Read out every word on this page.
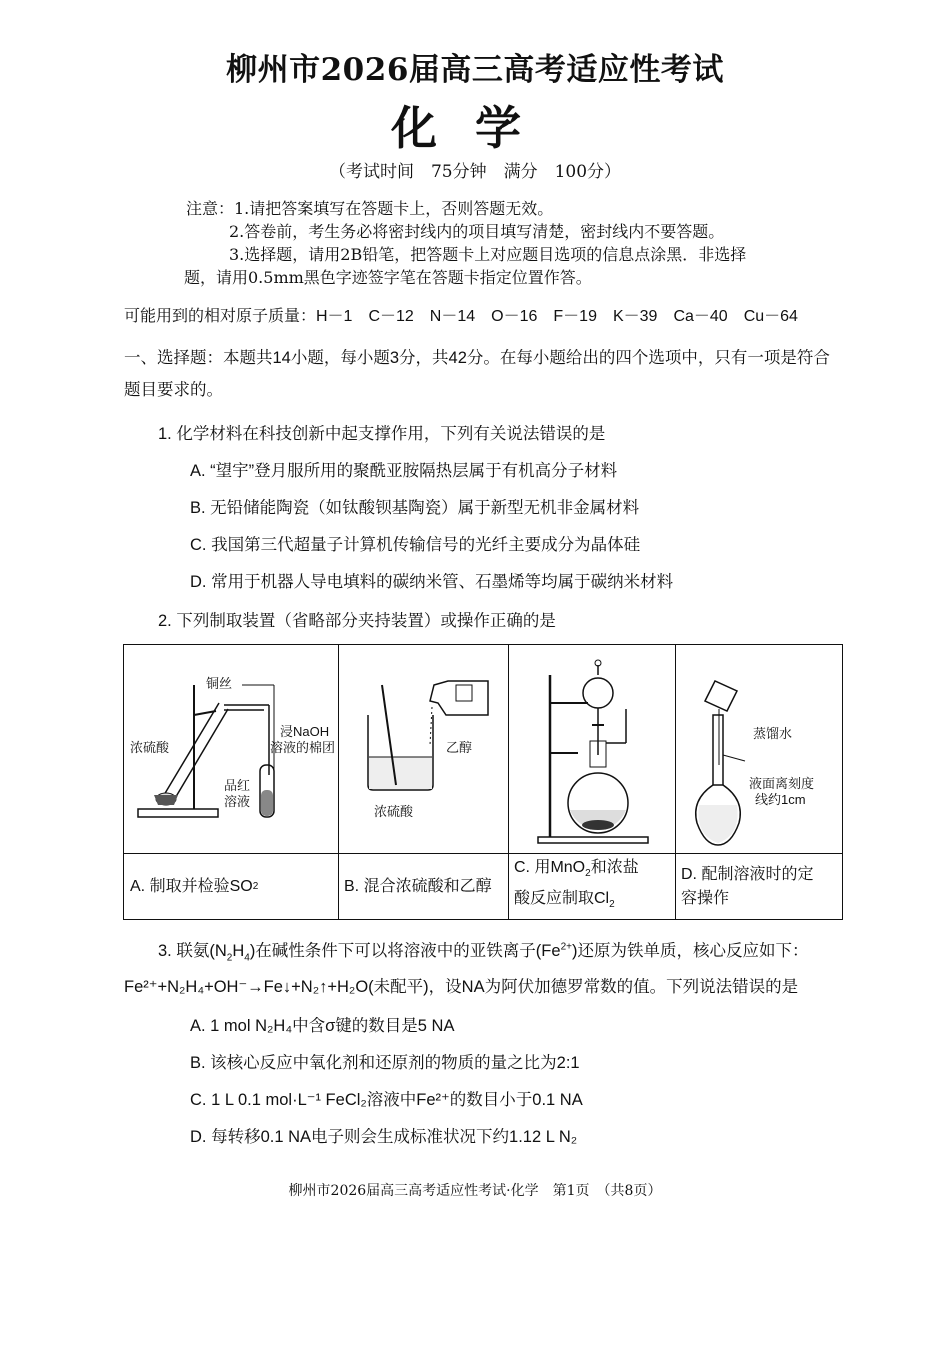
柳州市2026届高三高考适应性考试
化学
（考试时间　75分钟　满分　100分）
注意：1.请把答案填写在答题卡上，否则答题无效。
2.答卷前，考生务必将密封线内的项目填写清楚，密封线内不要答题。
3.选择题，请用2B铅笔，把答题卡上对应题目选项的信息点涂黑．非选择
题，请用0.5mm黑色字迹签字笔在答题卡指定位置作答。
可能用到的相对原子质量：H－1　C－12　N－14　O－16　F－19　K－39　Ca－40　Cu－64
一、选择题：本题共14小题，每小题3分，共42分。在每小题给出的四个选项中，只有一项是符合题目要求的。
1. 化学材料在科技创新中起支撑作用，下列有关说法错误的是
A. “望宇”登月服所用的聚酰亚胺隔热层属于有机高分子材料
B. 无铅储能陶瓷（如钛酸钡基陶瓷）属于新型无机非金属材料
C. 我国第三代超量子计算机传输信号的光纤主要成分为晶体硅
D. 常用于机器人导电填料的碳纳米管、石墨烯等均属于碳纳米材料
2. 下列制取装置（省略部分夹持装置）或操作正确的是
铜丝
浓硫酸
浸NaOH
溶液的棉团
品红
溶液
A. 制取并检验SO 2
乙醇
浓硫酸
B. 混合浓硫酸和乙醇
C. 用MnO$_2$和浓盐
酸反应制取$Cl_2$
蒸馏水
液面离刻度
线约1cm
D. 配制溶液时的定
容操作
3. 联氨$(N_2H_4)$在碱性条件下可以将溶液中的亚铁离子$(Fe^{2+})$还原为铁单质，核心反应如下：
Fe²⁺+N₂H₄+OH⁻→Fe↓+N₂↑+H₂O(未配平)，设NA为阿伏加德罗常数的值。下列说法错误的是
A. 1 mol N₂H₄中含σ键的数目是5 NA
B. 该核心反应中氧化剂和还原剂的物质的量之比为2:1
C. 1 L 0.1 mol·L⁻¹ FeCl₂溶液中Fe²⁺的数目小于0.1 NA
D. 每转移0.1 NA电子则会生成标准状况下约1.12 L N₂
柳州市2026届高三高考适应性考试·化学　第1页　（共8页）
